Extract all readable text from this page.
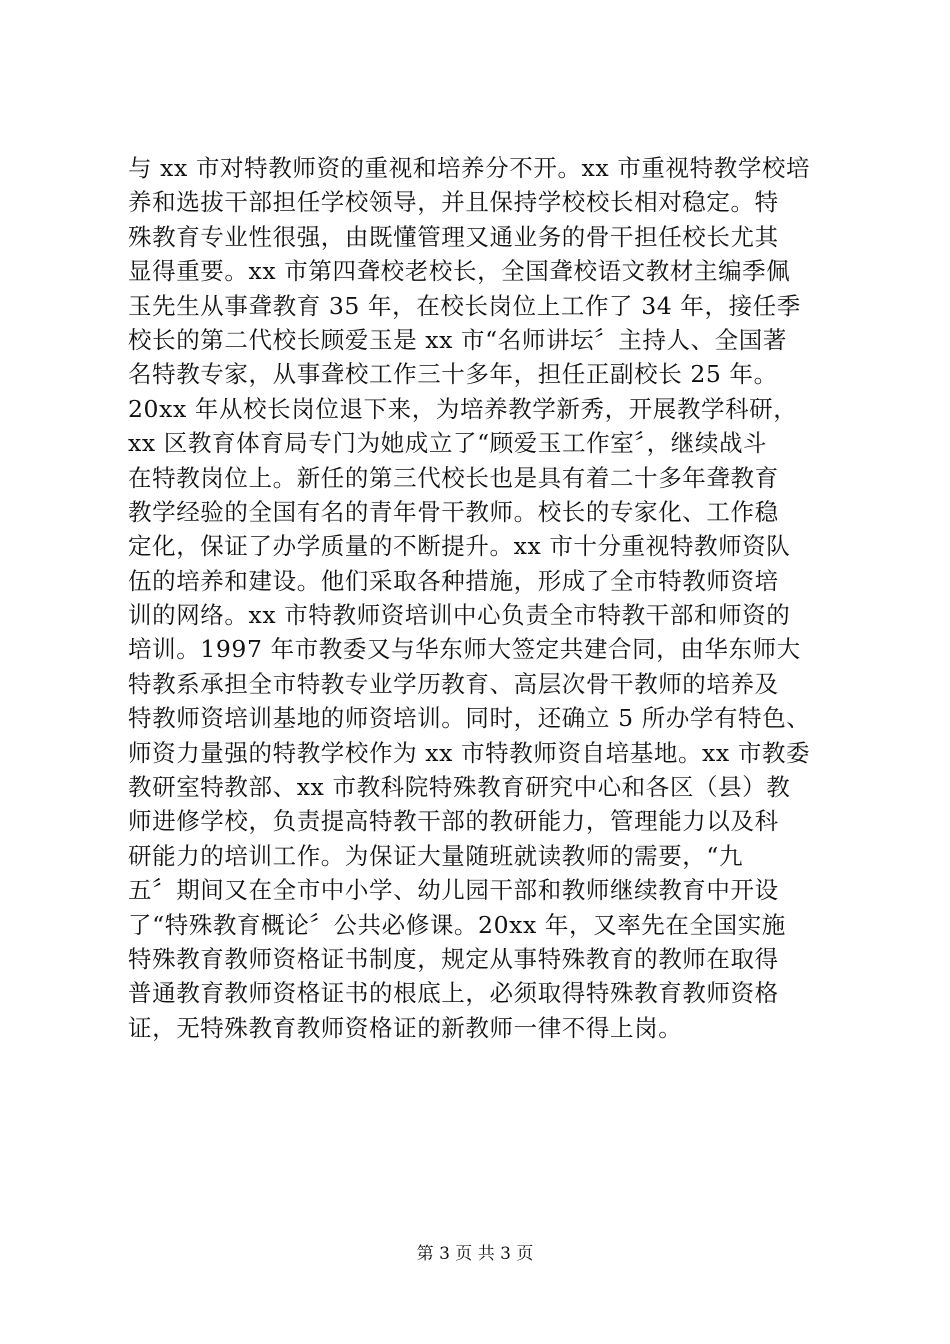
与 xx 市对特教师资的重视和培养分不开。xx 市重视特教学校培
养和选拔干部担任学校领导，并且保持学校校长相对稳定。特
殊教育专业性很强，由既懂管理又通业务的骨干担任校长尤其
显得重要。xx 市第四聋校老校长，全国聋校语文教材主编季佩
玉先生从事聋教育 35 年，在校长岗位上工作了 34 年，接任季
校长的第二代校长顾爱玉是 xx 市“名师讲坛〞主持人、全国著
名特教专家，从事聋校工作三十多年，担任正副校长 25 年。
20xx 年从校长岗位退下来，为培养教学新秀，开展教学科研，
xx 区教育体育局专门为她成立了“顾爱玉工作室〞，继续战斗
在特教岗位上。新任的第三代校长也是具有着二十多年聋教育
教学经验的全国有名的青年骨干教师。校长的专家化、工作稳
定化，保证了办学质量的不断提升。xx 市十分重视特教师资队
伍的培养和建设。他们采取各种措施，形成了全市特教师资培
训的网络。xx 市特教师资培训中心负责全市特教干部和师资的
培训。1997 年市教委又与华东师大签定共建合同，由华东师大
特教系承担全市特教专业学历教育、高层次骨干教师的培养及
特教师资培训基地的师资培训。同时，还确立 5 所办学有特色、
师资力量强的特教学校作为 xx 市特教师资自培基地。xx 市教委
教研室特教部、xx 市教科院特殊教育研究中心和各区（县）教
师进修学校，负责提高特教干部的教研能力，管理能力以及科
研能力的培训工作。为保证大量随班就读教师的需要，“九
五〞期间又在全市中小学、幼儿园干部和教师继续教育中开设
了“特殊教育概论〞公共必修课。20xx 年，又率先在全国实施
特殊教育教师资格证书制度，规定从事特殊教育的教师在取得
普通教育教师资格证书的根底上，必须取得特殊教育教师资格
证，无特殊教育教师资格证的新教师一律不得上岗。
第 3 页 共 3 页
